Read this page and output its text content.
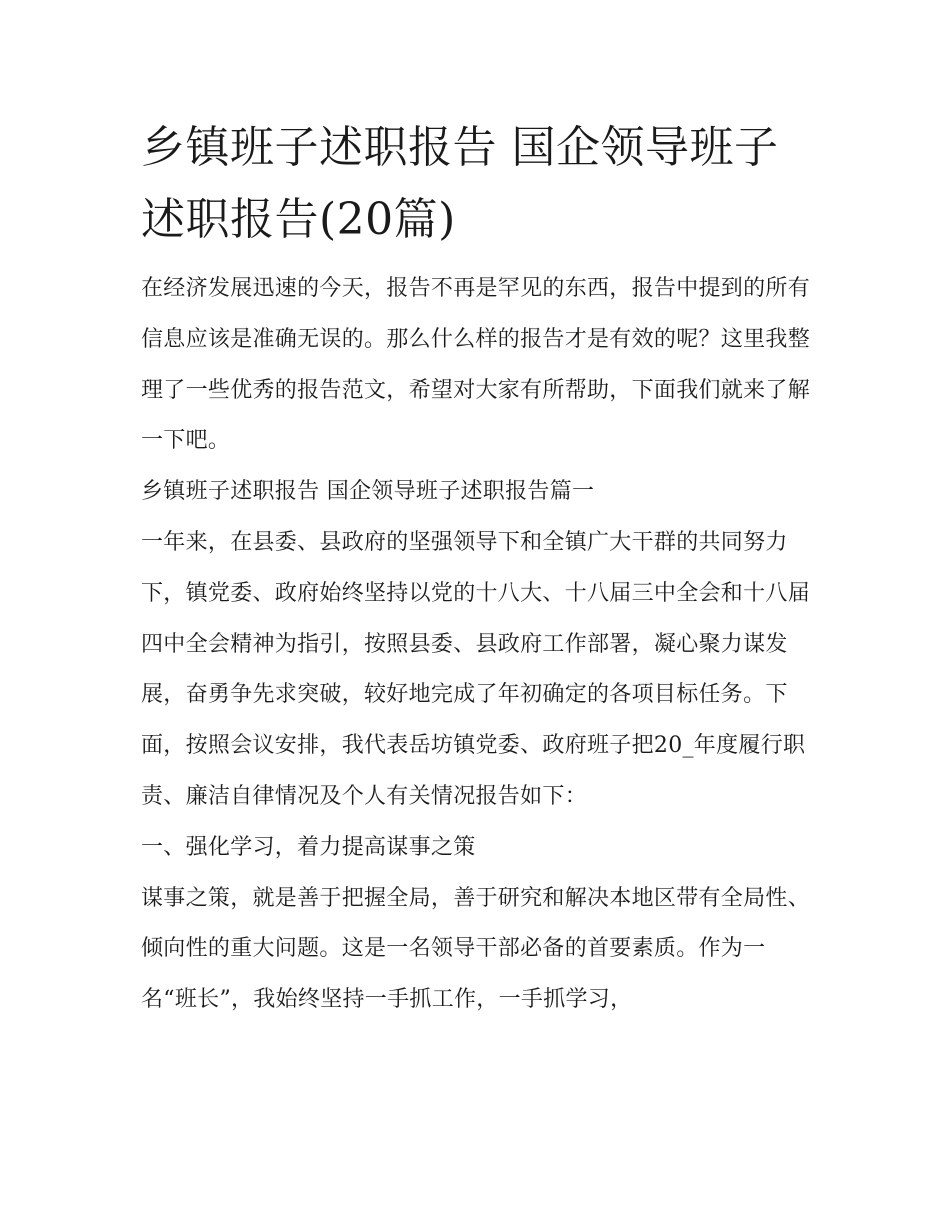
乡镇班子述职报告 国企领导班子述职报告(20篇)

在经济发展迅速的今天，报告不再是罕见的东西，报告中提到的所有信息应该是准确无误的。那么什么样的报告才是有效的呢？这里我整理了一些优秀的报告范文，希望对大家有所帮助，下面我们就来了解一下吧。

乡镇班子述职报告 国企领导班子述职报告篇一

一年来，在县委、县政府的坚强领导下和全镇广大干群的共同努力下，镇党委、政府始终坚持以党的十八大、十八届三中全会和十八届四中全会精神为指引，按照县委、县政府工作部署，凝心聚力谋发展，奋勇争先求突破，较好地完成了年初确定的各项目标任务。下面，按照会议安排，我代表岳坊镇党委、政府班子把20_年度履行职责、廉洁自律情况及个人有关情况报告如下：

一、强化学习，着力提高谋事之策

谋事之策，就是善于把握全局，善于研究和解决本地区带有全局性、倾向性的重大问题。这是一名领导干部必备的首要素质。作为一名“班长”，我始终坚持一手抓工作，一手抓学习，
